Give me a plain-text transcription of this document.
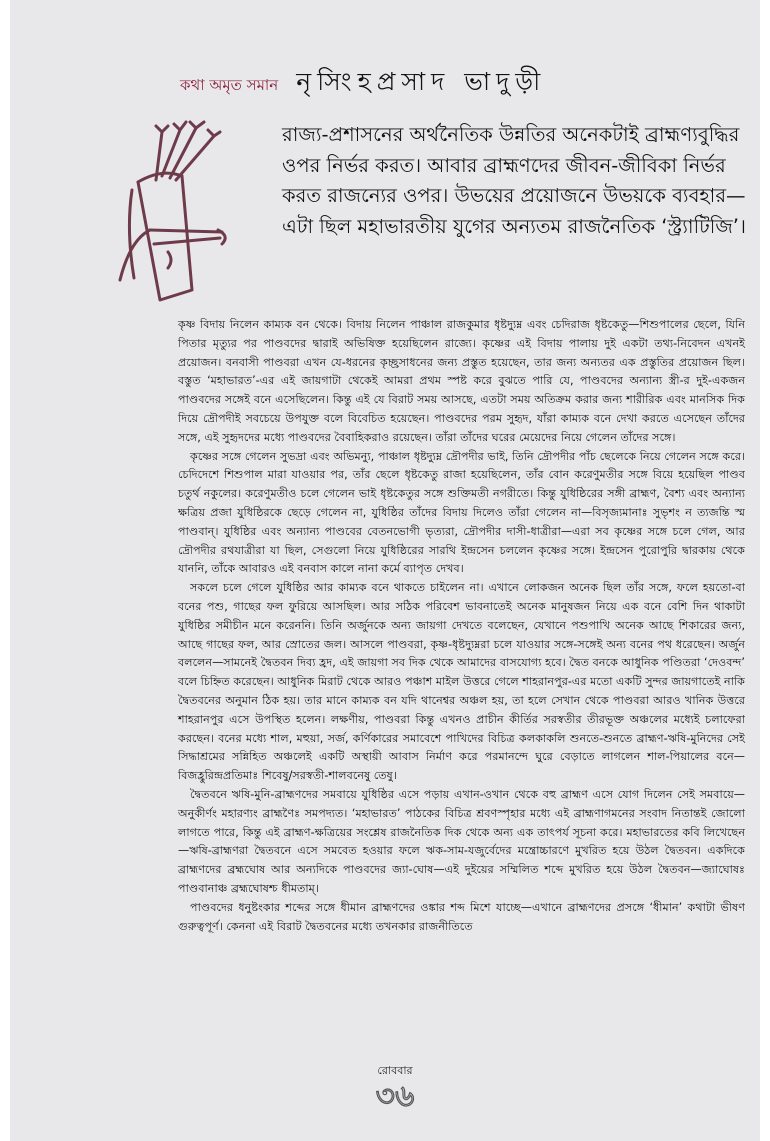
কথা অমৃত সমান নৃসিংহপ্রসাদ ভাদুড়ী
রাজ্য-প্রশাসনের অর্থনৈতিক উন্নতির অনেকটাই ব্রাহ্মণ্যবুদ্ধির ওপর নির্ভর করত। আবার ব্রাহ্মণদের জীবন-জীবিকা নির্ভর করত রাজন্যের ওপর। উভয়ের প্রয়োজনে উভয়কে ব্যবহার—এটা ছিল মহাভারতীয় যুগের অন্যতম রাজনৈতিক ‘স্ট্র্যাটিজি’।

কৃষ্ণ বিদায় নিলেন কাম্যক বন থেকে। বিদায় নিলেন পাঞ্চাল রাজকুমার ধৃষ্টদ্যুম্ন এবং চেদিরাজ ধৃষ্টকেতু—শিশুপালের ছেলে, যিনি পিতার মৃত্যুর পর পাণ্ডবদের দ্বারাই অভিষিক্ত হয়েছিলেন রাজ্যে। কৃষ্ণের এই বিদায় পালায় দুই একটা তথ্য-নিবেদন এখনই প্রয়োজন। বনবাসী পাণ্ডবরা এখন যে-ধরনের কৃচ্ছ্রসাধনের জন্য প্রস্তুত হয়েছেন, তার জন্য অন্যতর এক প্রস্তুতির প্রয়োজন ছিল। বস্তুত ‘মহাভারত’-এর এই জায়গাটা থেকেই আমরা প্রথম স্পষ্ট করে বুঝতে পারি যে, পাণ্ডবদের অন্যান্য স্ত্রী-র দুই-একজন পাণ্ডবদের সঙ্গেই বনে এসেছিলেন। কিন্তু এই যে বিরাট সময় আসছে, এতটা সময় অতিক্রম করার জন্য শারীরিক এবং মানসিক দিক দিয়ে দ্রৌপদীই সবচেয়ে উপযুক্ত বলে বিবেচিত হয়েছেন। পাণ্ডবদের পরম সুহৃদ, যাঁরা কাম্যক বনে দেখা করতে এসেছেন তাঁদের সঙ্গে, এই সুহৃদদের মধ্যে পাণ্ডবদের বৈবাহিকরাও রয়েছেন। তাঁরা তাঁদের ঘরের মেয়েদের নিয়ে গেলেন তাঁদের সঙ্গে।

কৃষ্ণের সঙ্গে গেলেন সুভদ্রা এবং অভিমন্যু, পাঞ্চাল ধৃষ্টদ্যুম্ন দ্রৌপদীর ভাই, তিনি দ্রৌপদীর পাঁচ ছেলেকে নিয়ে গেলেন সঙ্গে করে। চেদিদেশে শিশুপাল মারা যাওয়ার পর, তাঁর ছেলে ধৃষ্টকেতু রাজা হয়েছিলেন, তাঁর বোন করেণুমতীর সঙ্গে বিয়ে হয়েছিল পাণ্ডব চতুর্থ নকুলের। করেণুমতীও চলে গেলেন ভাই ধৃষ্টকেতুর সঙ্গে শুক্তিমতী নগরীতে। কিন্তু যুধিষ্ঠিরের সঙ্গী ব্রাহ্মণ, বৈশ্য এবং অন্যান্য ক্ষত্রিয় প্রজা যুধিষ্ঠিরকে ছেড়ে গেলেন না, যুধিষ্ঠির তাঁদের বিদায় দিলেও তাঁরা গেলেন না—বিসৃজ্যমানাঃ সুভৃশং ন ত্যজন্তি স্ম পাণ্ডবান্। যুধিষ্ঠির এবং অন্যান্য পাণ্ডবের বেতনভোগী ভৃত্যরা, দ্রৌপদীর দাসী-ধাত্রীরা—এরা সব কৃষ্ণের সঙ্গে চলে গেল, আর দ্রৌপদীর রথযাত্রীরা যা ছিল, সেগুলো নিয়ে যুধিষ্ঠিরের সারথি ইন্দ্রসেন চললেন কৃষ্ণের সঙ্গে। ইন্দ্রসেন পুরোপুরি দ্বারকায় থেকে যাননি, তাঁকে আবারও এই বনবাস কালে নানা কর্মে ব্যাপৃত দেখব।

সকলে চলে গেলে যুধিষ্ঠির আর কাম্যক বনে থাকতে চাইলেন না। এখানে লোকজন অনেক ছিল তাঁর সঙ্গে, ফলে হয়তো-বা বনের পশু, গাছের ফল ফুরিয়ে আসছিল। আর সঠিক পরিবেশ ভাবনাতেই অনেক মানুষজন নিয়ে এক বনে বেশি দিন থাকাটা যুধিষ্ঠির সমীচীন মনে করেননি। তিনি অর্জুনকে অন্য জায়গা দেখতে বলেছেন, যেখানে পশুপাখি অনেক আছে শিকারের জন্য, আছে গাছের ফল, আর স্রোতের জল। আসলে পাণ্ডবরা, কৃষ্ণ-ধৃষ্টদ্যুম্নরা চলে যাওয়ার সঙ্গে-সঙ্গেই অন্য বনের পথ ধরেছেন। অর্জুন বললেন—সামনেই দ্বৈতবন দিব্য হ্রদ, এই জায়গা সব দিক থেকে আমাদের বাসযোগ্য হবে। দ্বৈত বনকে আধুনিক পণ্ডিতরা ‘দেওবন্দ’ বলে চিহ্নিত করেছেন। আধুনিক মিরাট থেকে আরও পঞ্চাশ মাইল উত্তরে গেলে শাহরানপুর-এর মতো একটি সুন্দর জায়গাতেই নাকি দ্বৈতবনের অনুমান ঠিক হয়। তার মানে কাম্যক বন যদি থানেশ্বর অঞ্চল হয়, তা হলে সেখান থেকে পাণ্ডবরা আরও খানিক উত্তরে শাহরানপুর এসে উপস্থিত হলেন। লক্ষণীয়, পাণ্ডবরা কিন্তু এখনও প্রাচীন কীর্তির সরস্বতীর তীরভূক্ত অঞ্চলের মধ্যেই চলাফেরা করছেন। বনের মধ্যে শাল, মহুয়া, সর্জ, কর্ণিকারের সমাবেশে পাখিদের বিচিত্র কলকাকলি শুনতে-শুনতে ব্রাহ্মণ-ঋষি-মুনিদের সেই সিদ্ধাশ্রমের সন্নিহিত অঞ্চলেই একটি অস্থায়ী আবাস নির্মাণ করে পরমানন্দে ঘুরে বেড়াতে লাগলেন শাল-পিয়ালের বনে—বিজহ্রুরিন্দ্রপ্রতিমাঃ শিবেষু/সরস্বতী-শালবনেষু তেষু।

দ্বৈতবনে ঋষি-মুনি-ব্রাহ্মণদের সমবায়ে যুধিষ্ঠির এসে পড়ায় এখান-ওখান থেকে বহু ব্রাহ্মণ এসে যোগ দিলেন সেই সমবায়ে—অনুকীর্ণং মহারণ্যং ব্রাহ্মণৈঃ সমপদ্যত। ‘মহাভারত’ পাঠকের বিচিত্র শ্রবণস্পৃহার মধ্যে এই ব্রাহ্মণাগমনের সংবাদ নিতান্তই জোলো লাগতে পারে, কিন্তু এই ব্রাহ্মণ-ক্ষত্রিয়ের সংশ্লেষ রাজনৈতিক দিক থেকে অন্য এক তাৎপর্য সূচনা করে। মহাভারতের কবি লিখেছেন—ঋষি-ব্রাহ্মণরা দ্বৈতবনে এসে সমবেত হওয়ার ফলে ঋক-সাম-যজুর্বেদের মন্ত্রোচ্চারণে মুখরিত হয়ে উঠল দ্বৈতবন। একদিকে ব্রাহ্মণদের ব্রহ্মঘোষ আর অন্যদিকে পাণ্ডবদের জ্যা-ঘোষ—এই দুইয়ের সম্মিলিত শব্দে মুখরিত হয়ে উঠল দ্বৈতবন—জ্যাঘোষঃ পাণ্ডবানাঞ্চ ব্রহ্মঘোষশ্চ ধীমতাম্।

পাণ্ডবদের ধনুষ্টংকার শব্দের সঙ্গে ধীমান ব্রাহ্মণদের ওঙ্কার শব্দ মিশে যাচ্ছে—এখানে ব্রাহ্মণদের প্রসঙ্গে ‘ধীমান’ কথাটা ভীষণ গুরুত্বপূর্ণ। কেননা এই বিরাট দ্বৈতবনের মধ্যে তখনকার রাজনীতিতে

রোববার
৩৬
